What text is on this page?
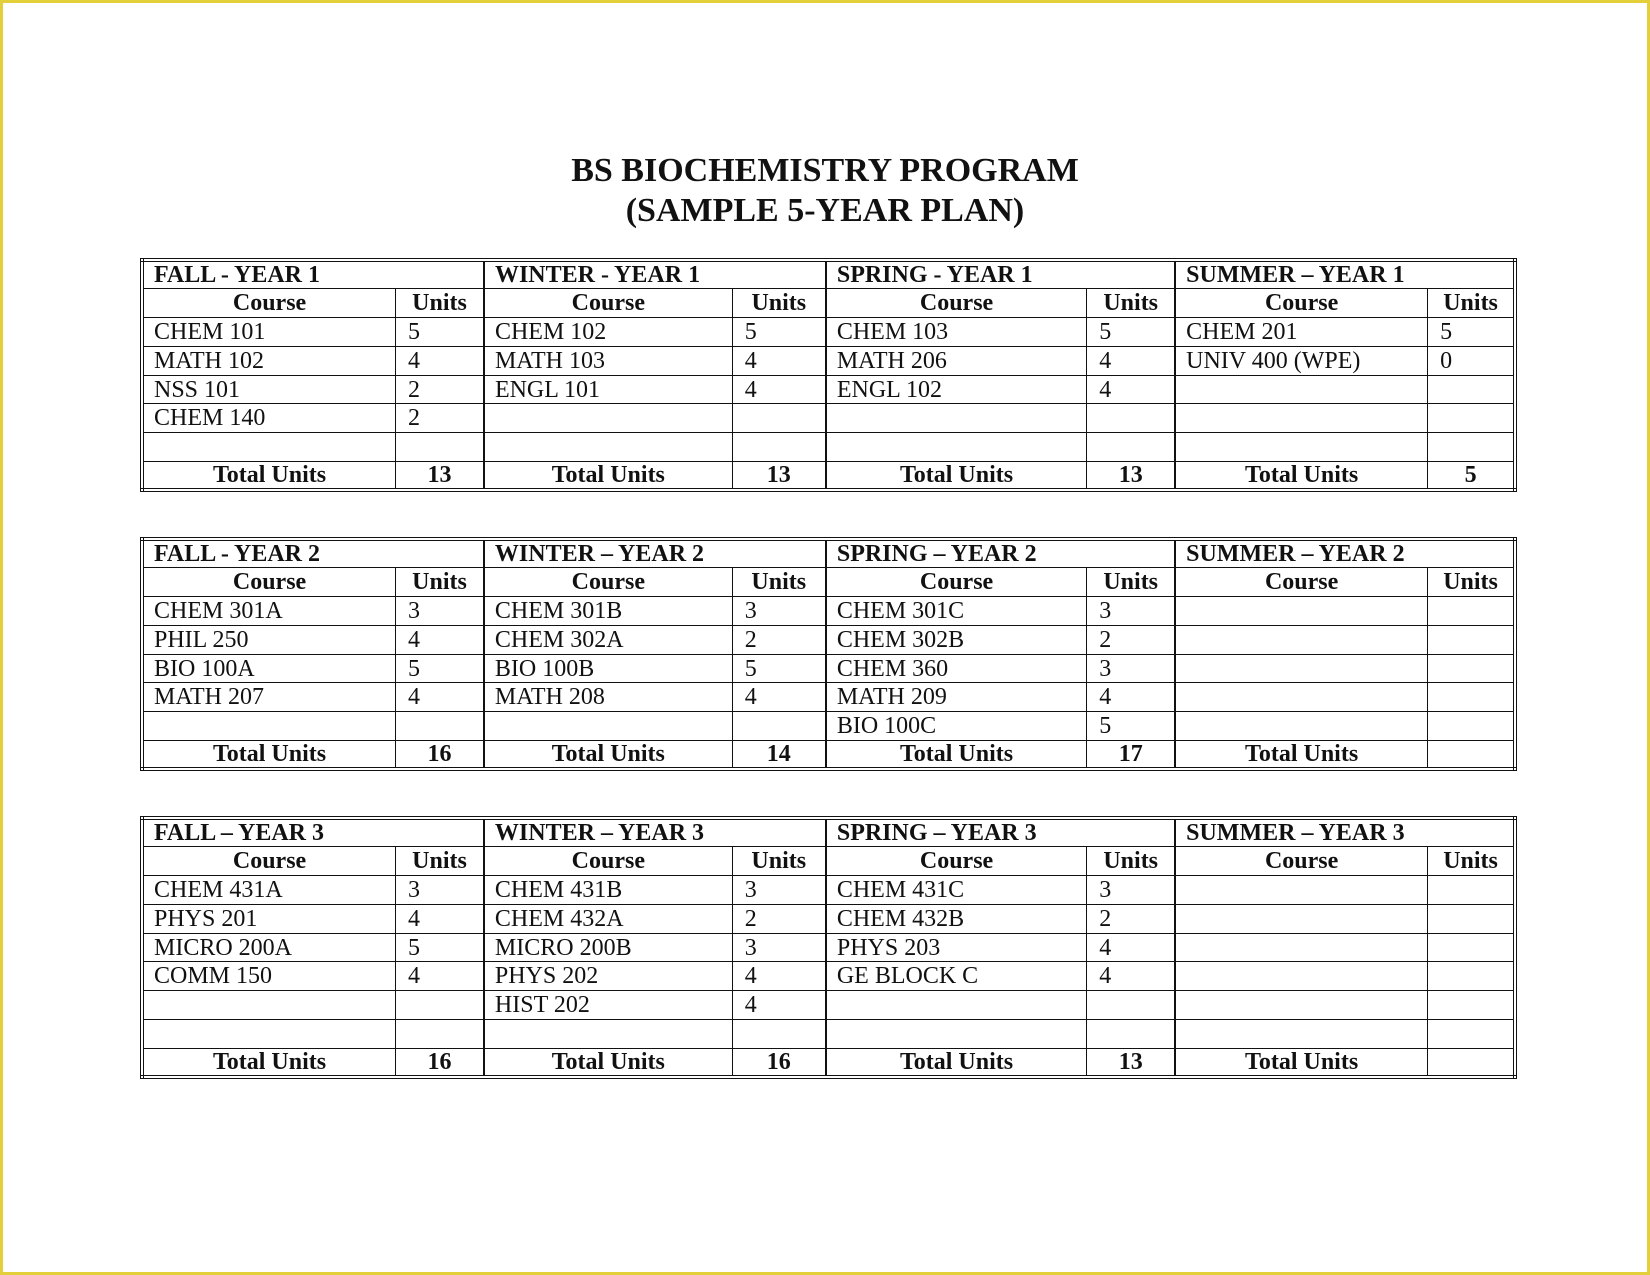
BS BIOCHEMISTRY PROGRAM
(SAMPLE 5-YEAR PLAN)
FALL - YEAR 1		WINTER - YEAR 1		SPRING - YEAR 1		SUMMER – YEAR 1	
Course	Units	Course	Units	Course	Units	Course	Units
CHEM 101	5	CHEM 102	5	CHEM 103	5	CHEM 201	5
MATH 102	4	MATH 103	4	MATH 206	4	UNIV 400 (WPE)	0
NSS 101	2	ENGL 101	4	ENGL 102	4		
CHEM 140	2						

Total Units	13	Total Units	13	Total Units	13	Total Units	5
FALL - YEAR 2		WINTER – YEAR 2		SPRING – YEAR 2		SUMMER – YEAR 2	
Course	Units	Course	Units	Course	Units	Course	Units
CHEM 301A	3	CHEM 301B	3	CHEM 301C	3		
PHIL 250	4	CHEM 302A	2	CHEM 302B	2		
BIO 100A	5	BIO 100B	5	CHEM 360	3		
MATH 207	4	MATH 208	4	MATH 209	4		
				BIO 100C	5		
Total Units	16	Total Units	14	Total Units	17	Total Units	
FALL – YEAR 3		WINTER – YEAR 3		SPRING – YEAR 3		SUMMER – YEAR 3	
Course	Units	Course	Units	Course	Units	Course	Units
CHEM 431A	3	CHEM 431B	3	CHEM 431C	3		
PHYS 201	4	CHEM 432A	2	CHEM 432B	2		
MICRO 200A	5	MICRO 200B	3	PHYS 203	4		
COMM 150	4	PHYS 202	4	GE BLOCK C	4		
		HIST 202	4				

Total Units	16	Total Units	16	Total Units	13	Total Units	
